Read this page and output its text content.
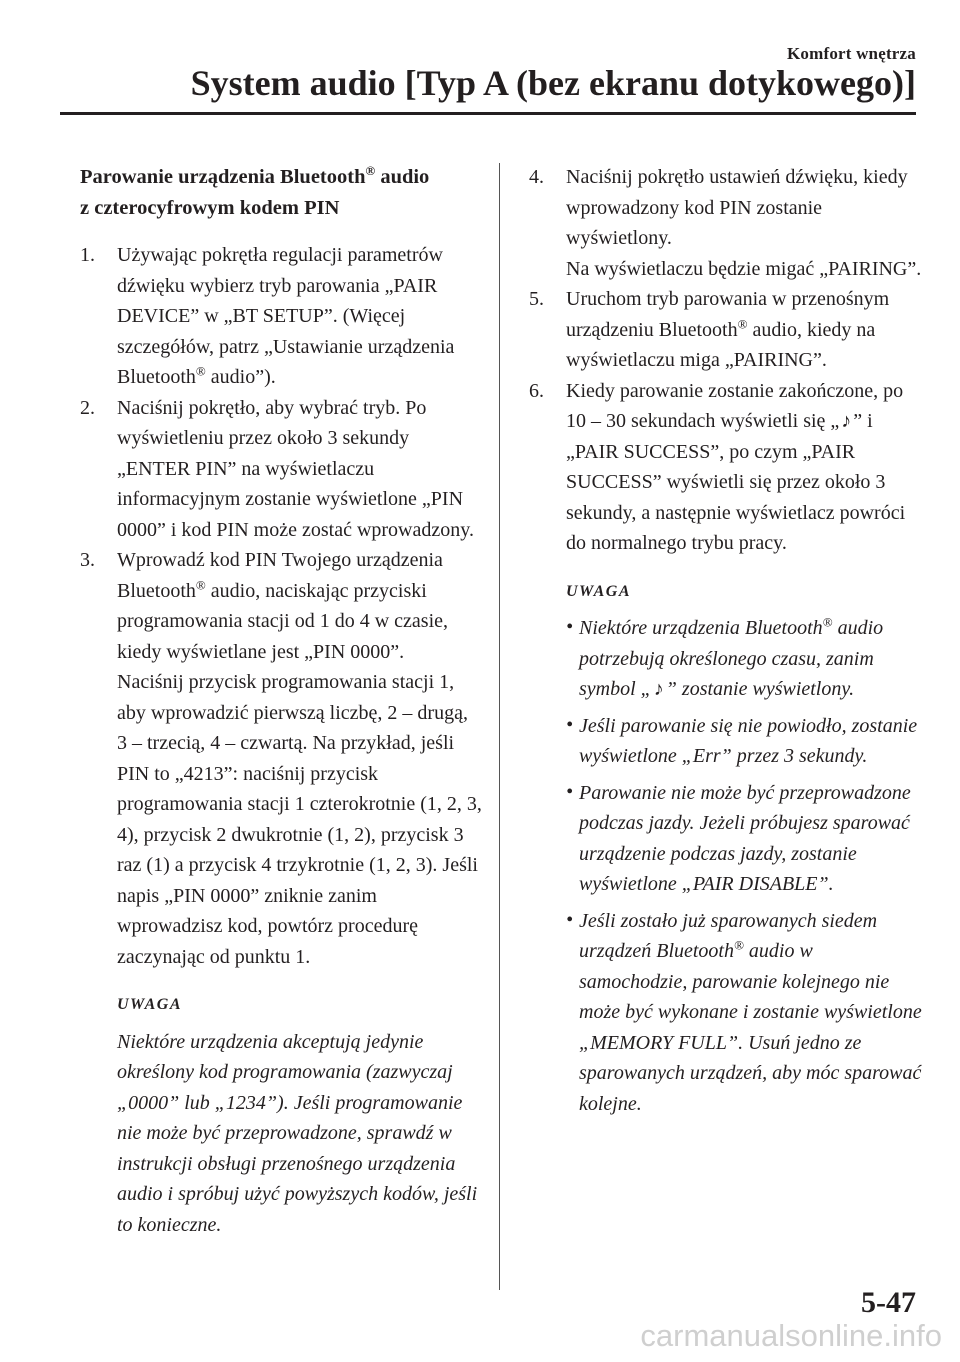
Komfort wnętrza
System audio [Typ A (bez ekranu dotykowego)]
Parowanie urządzenia Bluetooth® audio
z czterocyfrowym kodem PIN
1. Używając pokrętła regulacji parametrów dźwięku wybierz tryb parowania „PAIR DEVICE” w „BT SETUP”. (Więcej szczegółów, patrz „Ustawianie urządzenia Bluetooth® audio”).
2. Naciśnij pokrętło, aby wybrać tryb. Po wyświetleniu przez około 3 sekundy „ENTER PIN” na wyświetlaczu informacyjnym zostanie wyświetlone „PIN 0000” i kod PIN może zostać wprowadzony.
3. Wprowadź kod PIN Twojego urządzenia Bluetooth® audio, naciskając przyciski programowania stacji od 1 do 4 w czasie, kiedy wyświetlane jest „PIN 0000”.
Naciśnij przycisk programowania stacji 1, aby wprowadzić pierwszą liczbę, 2 – drugą, 3 – trzecią, 4 – czwartą. Na przykład, jeśli PIN to „4213”: naciśnij przycisk programowania stacji 1 czterokrotnie (1, 2, 3, 4), przycisk 2 dwukrotnie (1, 2), przycisk 3 raz (1) a przycisk 4 trzykrotnie (1, 2, 3). Jeśli napis „PIN 0000” zniknie zanim wprowadzisz kod, powtórz procedurę zaczynając od punktu 1.
UWAGA
Niektóre urządzenia akceptują jedynie określony kod programowania (zazwyczaj „0000” lub „1234”). Jeśli programowanie nie może być przeprowadzone, sprawdź w instrukcji obsługi przenośnego urządzenia audio i spróbuj użyć powyższych kodów, jeśli to konieczne.
4. Naciśnij pokrętło ustawień dźwięku, kiedy wprowadzony kod PIN zostanie wyświetlony.
Na wyświetlaczu będzie migać „PAIRING”.
5. Uruchom tryb parowania w przenośnym urządzeniu Bluetooth® audio, kiedy na wyświetlaczu miga „PAIRING”.
6. Kiedy parowanie zostanie zakończone, po 10 – 30 sekundach wyświetli się „ ♪ ” i „PAIR SUCCESS”, po czym „PAIR SUCCESS” wyświetli się przez około 3 sekundy, a następnie wyświetlacz powróci do normalnego trybu pracy.
UWAGA
• Niektóre urządzenia Bluetooth® audio potrzebują określonego czasu, zanim symbol „ ♪ ” zostanie wyświetlony.
• Jeśli parowanie się nie powiodło, zostanie wyświetlone „Err” przez 3 sekundy.
• Parowanie nie może być przeprowadzone podczas jazdy. Jeżeli próbujesz sparować urządzenie podczas jazdy, zostanie wyświetlone „PAIR DISABLE”.
• Jeśli zostało już sparowanych siedem urządzeń Bluetooth® audio w samochodzie, parowanie kolejnego nie może być wykonane i zostanie wyświetlone „MEMORY FULL”. Usuń jedno ze sparowanych urządzeń, aby móc sparować kolejne.
5-47
carmanualsonline.info
